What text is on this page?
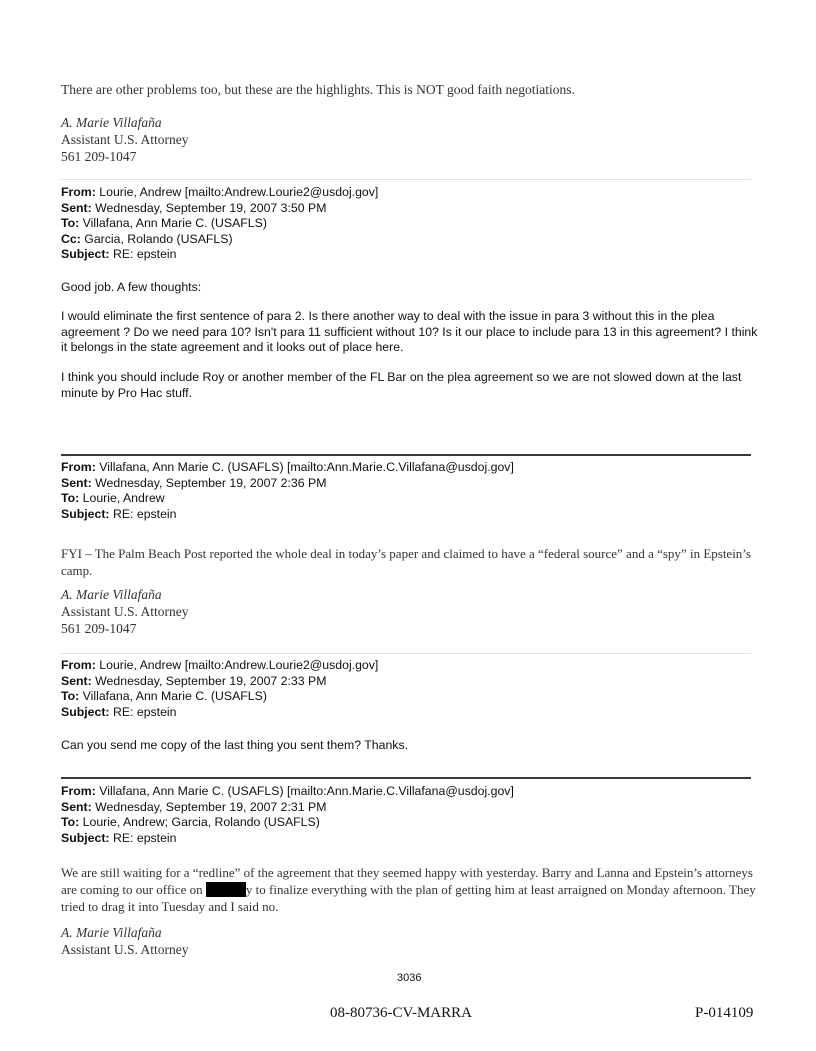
There are other problems too, but these are the highlights. This is NOT good faith negotiations.
A. Marie Villafaña
Assistant U.S. Attorney
561 209-1047
From: Lourie, Andrew [mailto:Andrew.Lourie2@usdoj.gov]
Sent: Wednesday, September 19, 2007 3:50 PM
To: Villafana, Ann Marie C. (USAFLS)
Cc: Garcia, Rolando (USAFLS)
Subject: RE: epstein
Good job. A few thoughts:
I would eliminate the first sentence of para 2. Is there another way to deal with the issue in para 3 without this in the plea agreement ? Do we need para 10? Isn't para 11 sufficient without 10? Is it our place to include para 13 in this agreement? I think it belongs in the state agreement and it looks out of place here.
I think you should include Roy or another member of the FL Bar on the plea agreement so we are not slowed down at the last minute by Pro Hac stuff.
From: Villafana, Ann Marie C. (USAFLS) [mailto:Ann.Marie.C.Villafana@usdoj.gov]
Sent: Wednesday, September 19, 2007 2:36 PM
To: Lourie, Andrew
Subject: RE: epstein
FYI – The Palm Beach Post reported the whole deal in today’s paper and claimed to have a “federal source” and a “spy” in Epstein’s camp.
A. Marie Villafaña
Assistant U.S. Attorney
561 209-1047
From: Lourie, Andrew [mailto:Andrew.Lourie2@usdoj.gov]
Sent: Wednesday, September 19, 2007 2:33 PM
To: Villafana, Ann Marie C. (USAFLS)
Subject: RE: epstein
Can you send me copy of the last thing you sent them? Thanks.
From: Villafana, Ann Marie C. (USAFLS) [mailto:Ann.Marie.C.Villafana@usdoj.gov]
Sent: Wednesday, September 19, 2007 2:31 PM
To: Lourie, Andrew; Garcia, Rolando (USAFLS)
Subject: RE: epstein
We are still waiting for a “redline” of the agreement that they seemed happy with yesterday. Barry and Lanna and Epstein’s attorneys are coming to our office on	y to finalize everything with the plan of getting him at least arraigned on Monday afternoon. They tried to drag it into Tuesday and I said no.
A. Marie Villafaña
Assistant U.S. Attorney
3036
08-80736-CV-MARRA	P-014109
